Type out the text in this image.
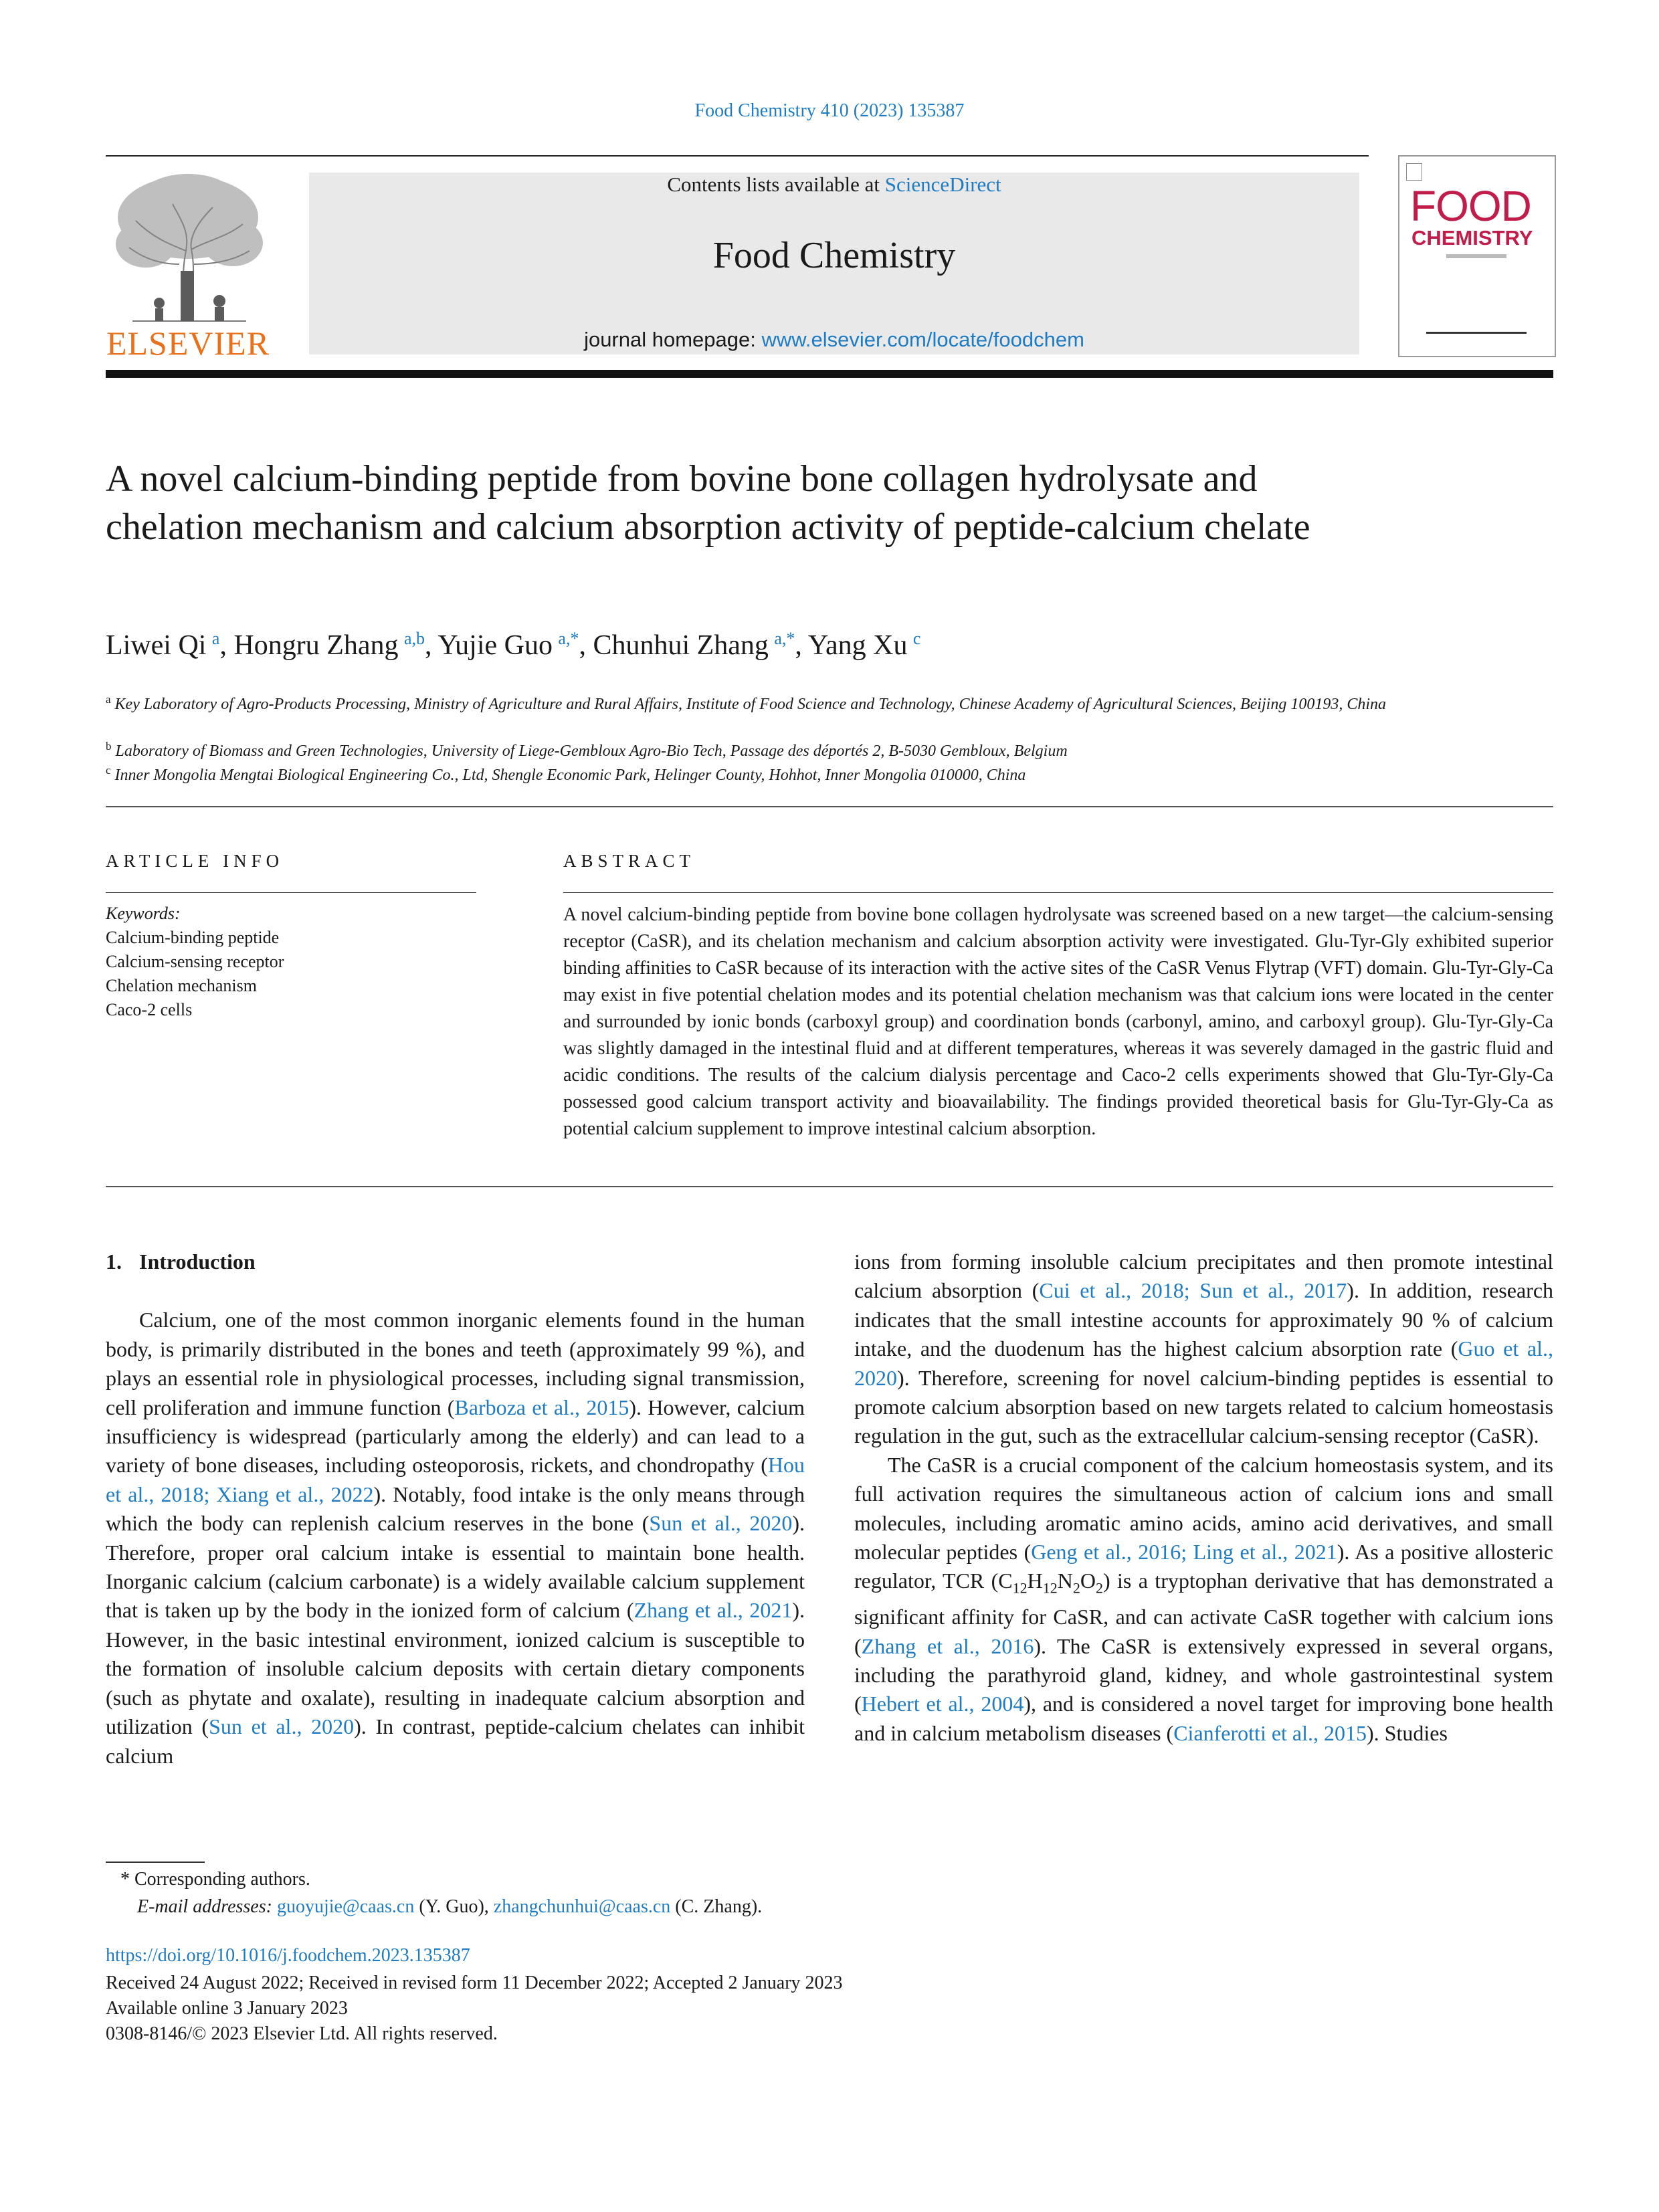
Food Chemistry 410 (2023) 135387
ELSEVIER
Contents lists available at ScienceDirect
Food Chemistry
journal homepage: www.elsevier.com/locate/foodchem
FOOD
CHEMISTRY
A novel calcium-binding peptide from bovine bone collagen hydrolysate and chelation mechanism and calcium absorption activity of peptide-calcium chelate
Liwei Qi  $^a$, Hongru Zhang  $^{a,b}$, Yujie Guo  $^{a,*}$, Chunhui Zhang  $^{a,*}$, Yang Xu  $^c$
$^a$ Key Laboratory of Agro-Products Processing, Ministry of Agriculture and Rural Affairs, Institute of Food Science and Technology, Chinese Academy of Agricultural Sciences, Beijing 100193, China
$^b$ Laboratory of Biomass and Green Technologies, University of Liege-Gembloux Agro-Bio Tech, Passage des déportés 2, B-5030 Gembloux, Belgium
$^c$ Inner Mongolia Mengtai Biological Engineering Co., Ltd, Shengle Economic Park, Helinger County, Hohhot, Inner Mongolia 010000, China
ARTICLE INFO
Keywords:
Calcium-binding peptide
Calcium-sensing receptor
Chelation mechanism
Caco-2 cells
ABSTRACT
A novel calcium-binding peptide from bovine bone collagen hydrolysate was screened based on a new target—the calcium-sensing receptor (CaSR), and its chelation mechanism and calcium absorption activity were investigated. Glu-Tyr-Gly exhibited superior binding affinities to CaSR because of its interaction with the active sites of the CaSR Venus Flytrap (VFT) domain. Glu-Tyr-Gly-Ca may exist in five potential chelation modes and its potential chelation mechanism was that calcium ions were located in the center and surrounded by ionic bonds (carboxyl group) and coordination bonds (carbonyl, amino, and carboxyl group). Glu-Tyr-Gly-Ca was slightly damaged in the intestinal fluid and at different temperatures, whereas it was severely damaged in the gastric fluid and acidic conditions. The results of the calcium dialysis percentage and Caco-2 cells experiments showed that Glu-Tyr-Gly-Ca possessed good calcium transport activity and bioavailability. The findings provided theoretical basis for Glu-Tyr-Gly-Ca as potential calcium supplement to improve intestinal calcium absorption.

1. Introduction

Calcium, one of the most common inorganic elements found in the human body, is primarily distributed in the bones and teeth (approximately 99 %), and plays an essential role in physiological processes, including signal transmission, cell proliferation and immune function (Barboza et al., 2015). However, calcium insufficiency is widespread (particularly among the elderly) and can lead to a variety of bone diseases, including osteoporosis, rickets, and chondropathy (Hou et al., 2018; Xiang et al., 2022). Notably, food intake is the only means through which the body can replenish calcium reserves in the bone (Sun et al., 2020). Therefore, proper oral calcium intake is essential to maintain bone health. Inorganic calcium (calcium carbonate) is a widely available calcium supplement that is taken up by the body in the ionized form of calcium (Zhang et al., 2021). However, in the basic intestinal environment, ionized calcium is susceptible to the formation of insoluble calcium deposits with certain dietary components (such as phytate and oxalate), resulting in inadequate calcium absorption and utilization (Sun et al., 2020). In contrast, peptide-calcium chelates can inhibit calcium

ions from forming insoluble calcium precipitates and then promote intestinal calcium absorption (Cui et al., 2018; Sun et al., 2017). In addition, research indicates that the small intestine accounts for approximately 90 % of calcium intake, and the duodenum has the highest calcium absorption rate (Guo et al., 2020). Therefore, screening for novel calcium-binding peptides is essential to promote calcium absorption based on new targets related to calcium homeostasis regulation in the gut, such as the extracellular calcium-sensing receptor (CaSR).

The CaSR is a crucial component of the calcium homeostasis system, and its full activation requires the simultaneous action of calcium ions and small molecules, including aromatic amino acids, amino acid derivatives, and small molecular peptides (Geng et al., 2016; Ling et al., 2021). As a positive allosteric regulator, TCR $(C_{12}H_{12}N_2O_2)$ is a tryptophan derivative that has demonstrated a significant affinity for CaSR, and can activate CaSR together with calcium ions (Zhang et al., 2016). The CaSR is extensively expressed in several organs, including the parathyroid gland, kidney, and whole gastrointestinal system (Hebert et al., 2004), and is considered a novel target for improving bone health and in calcium metabolism diseases (Cianferotti et al., 2015). Studies

* Corresponding authors.
E-mail addresses: guoyujie@caas.cn (Y. Guo), zhangchunhui@caas.cn (C. Zhang).
https://doi.org/10.1016/j.foodchem.2023.135387
Received 24 August 2022; Received in revised form 11 December 2022; Accepted 2 January 2023
Available online 3 January 2023
0308-8146/© 2023 Elsevier Ltd. All rights reserved.
